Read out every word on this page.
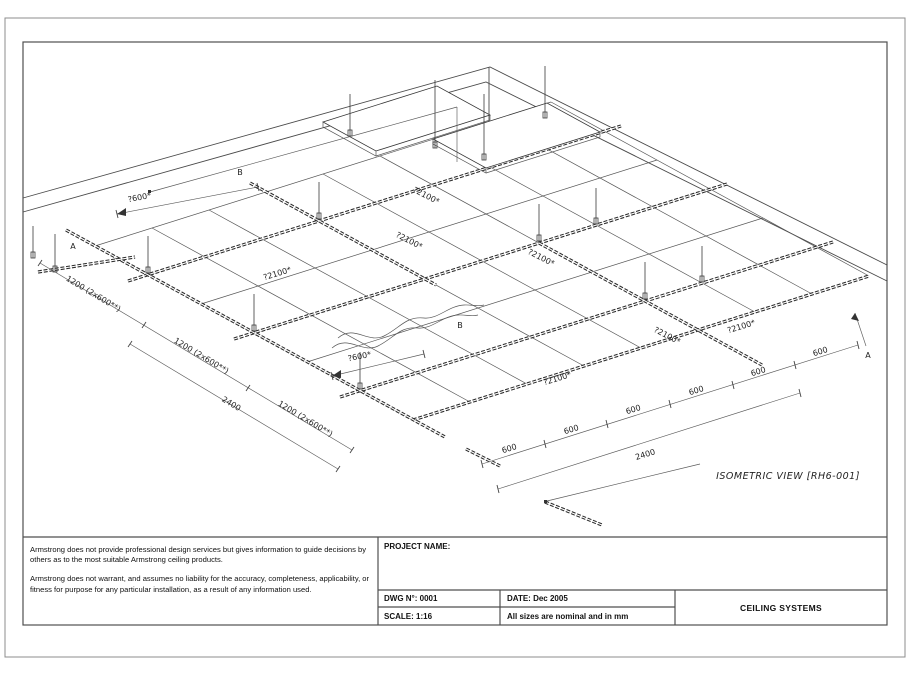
?600*
B
A
?2100*
?2100*
?2100*
?2100*
?600*
B
?2100*
?2100*	?2100*
1200 (2x600**)
1200 (2x600**)
1200 (2x600**)
2400
600
600
600
600
600
600
2400
A
ISOMETRIC VIEW [RH6-001]

Armstrong does not provide professional design services but gives information to guide decisions by others as to the most suitable Armstrong ceiling products.

Armstrong does not warrant, and assumes no liability for the accuracy, completeness, applicability, or fitness for purpose for any particular installation, as a result of any information used.

PROJECT NAME:
DWG N°: 0001	DATE: Dec 2005
SCALE: 1:16	All sizes are nominal and in mm
CEILING SYSTEMS
